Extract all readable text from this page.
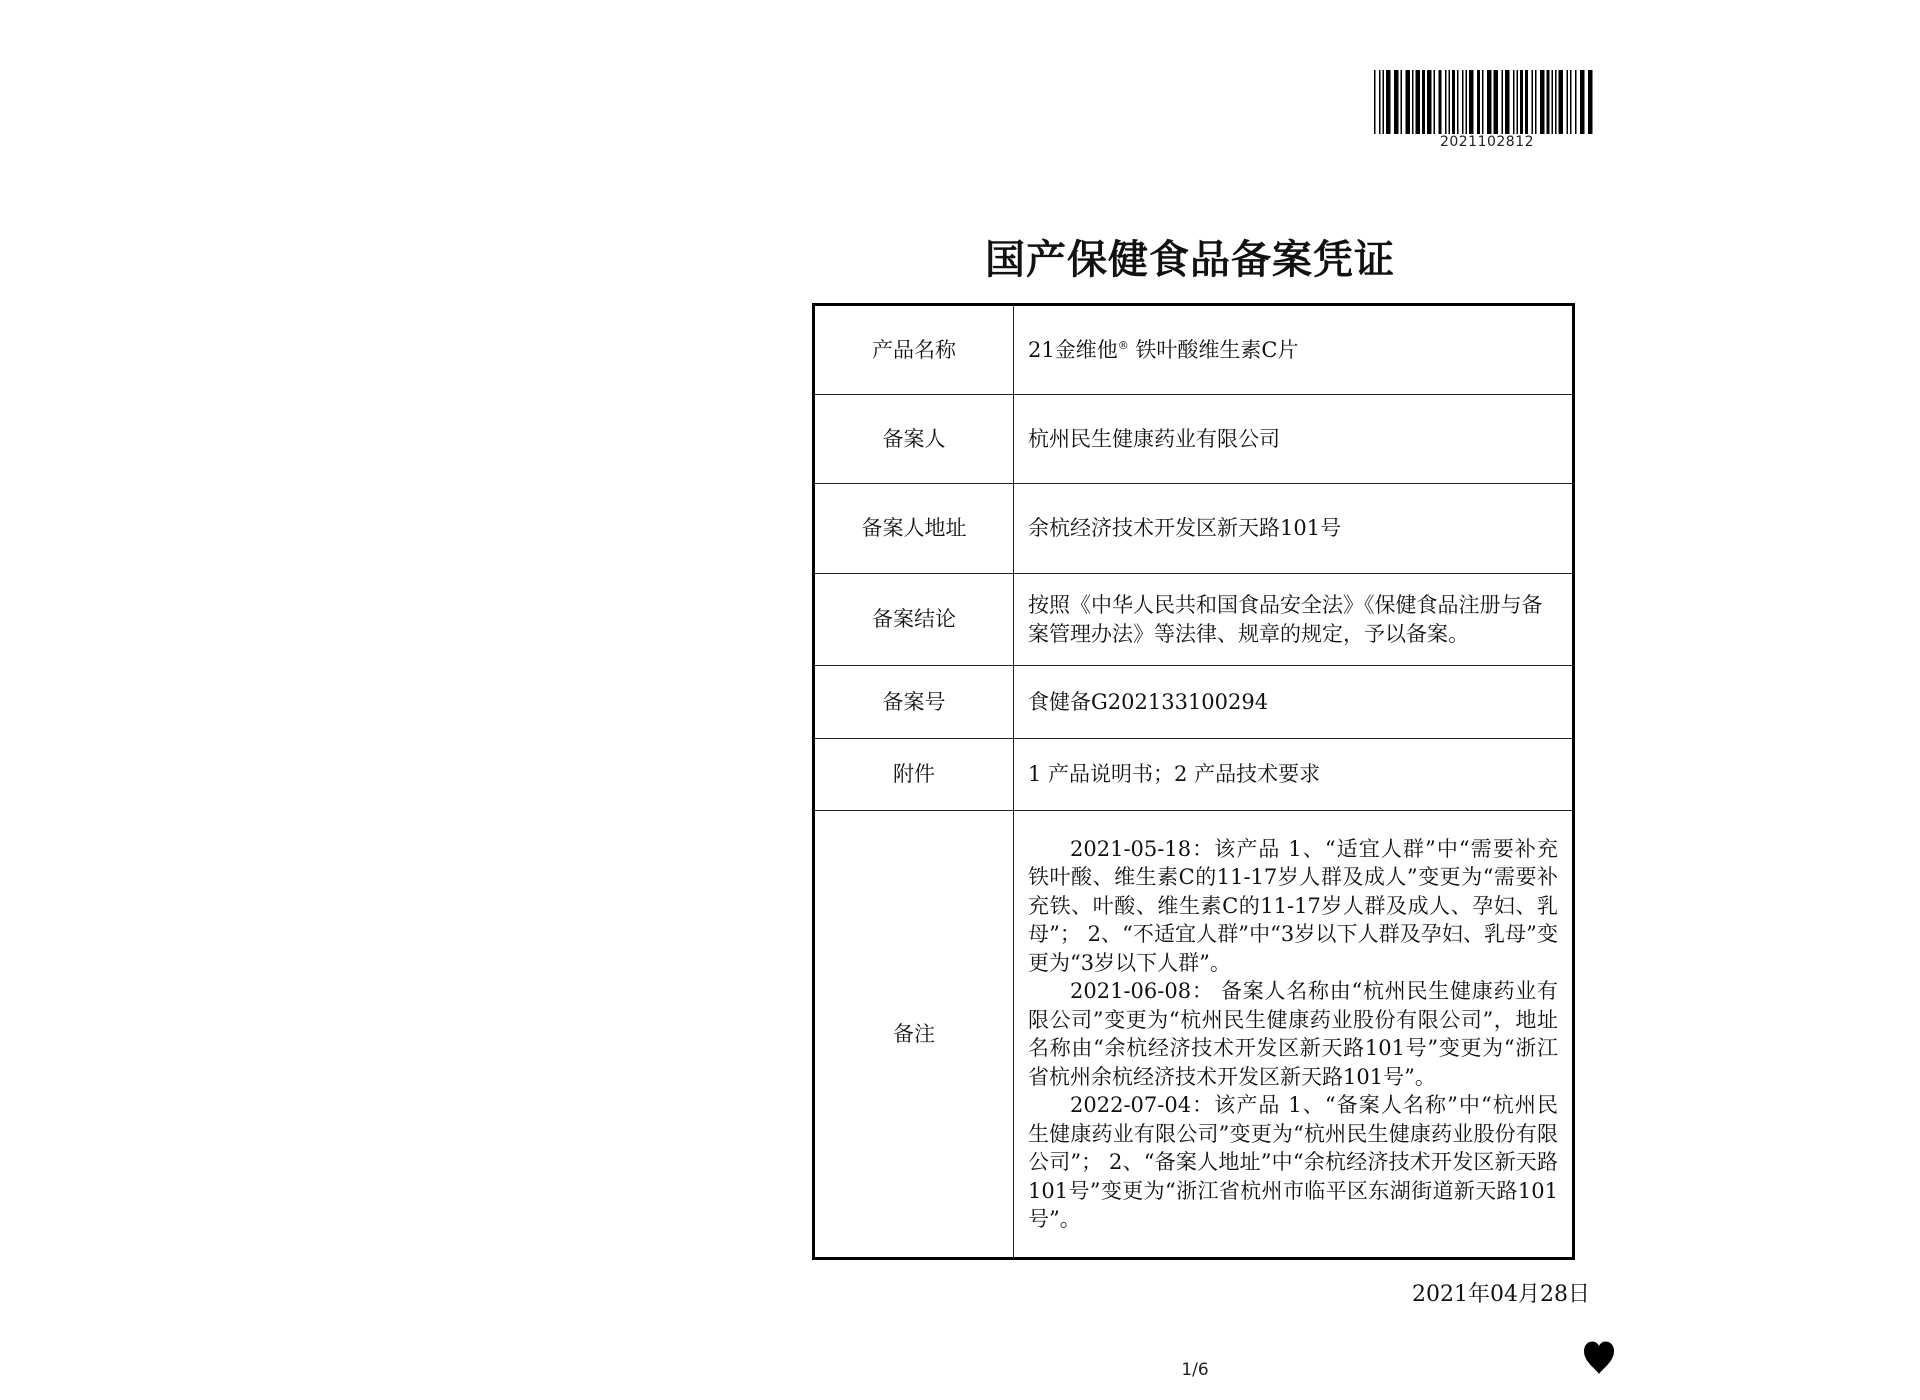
2021102812
国产保健食品备案凭证
产品名称	21金维他® 铁叶酸维生素C片
备案人	杭州民生健康药业有限公司
备案人地址	余杭经济技术开发区新天路101号
备案结论	按照《中华人民共和国食品安全法》《保健食品注册与备案管理办法》等法律、规章的规定，予以备案。
备案号	食健备G202133100294
附件	1 产品说明书；2 产品技术要求
备注	2021-05-18：该产品 1、“适宜人群”中“需要补充铁叶酸、维生素C的11-17岁人群及成人”变更为“需要补充铁、叶酸、维生素C的11-17岁人群及成人、孕妇、乳母”； 2、“不适宜人群”中“3岁以下人群及孕妇、乳母”变更为“3岁以下人群”。

2021-06-08： 备案人名称由“杭州民生健康药业有限公司”变更为“杭州民生健康药业股份有限公司”，地址名称由“余杭经济技术开发区新天路101号”变更为“浙江省杭州余杭经济技术开发区新天路101号”。

2022-07-04：该产品 1、“备案人名称”中“杭州民生健康药业有限公司”变更为“杭州民生健康药业股份有限公司”； 2、“备案人地址”中“余杭经济技术开发区新天路101号”变更为“浙江省杭州市临平区东湖街道新天路101号”。

2021年04月28日
1/6
